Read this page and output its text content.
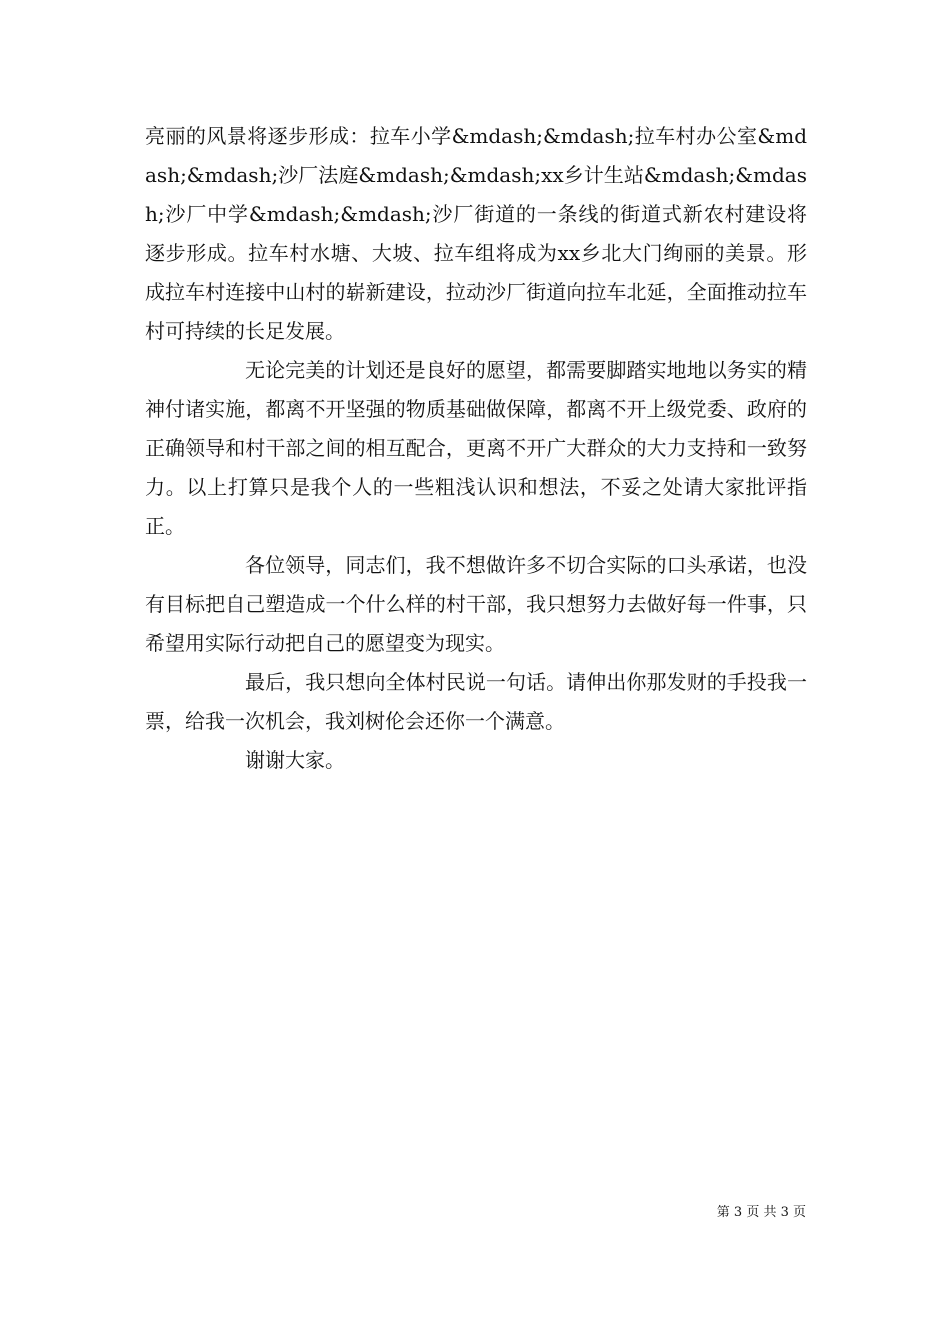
亮丽的风景将逐步形成：拉车小学&mdash;&mdash;拉车村办公室&mdash;&mdash;沙厂法庭&mdash;&mdash;xx乡计生站&mdash;&mdash;沙厂中学&mdash;&mdash;沙厂街道的一条线的街道式新农村建设将逐步形成。拉车村水塘、大坡、拉车组将成为xx乡北大门绚丽的美景。形成拉车村连接中山村的崭新建设，拉动沙厂街道向拉车北延，全面推动拉车村可持续的长足发展。

无论完美的计划还是良好的愿望，都需要脚踏实地地以务实的精神付诸实施，都离不开坚强的物质基础做保障，都离不开上级党委、政府的正确领导和村干部之间的相互配合，更离不开广大群众的大力支持和一致努力。以上打算只是我个人的一些粗浅认识和想法，不妥之处请大家批评指正。

各位领导，同志们，我不想做许多不切合实际的口头承诺，也没有目标把自己塑造成一个什么样的村干部，我只想努力去做好每一件事，只希望用实际行动把自己的愿望变为现实。

最后，我只想向全体村民说一句话。请伸出你那发财的手投我一票，给我一次机会，我刘树伦会还你一个满意。

谢谢大家。

第 3 页 共 3 页
